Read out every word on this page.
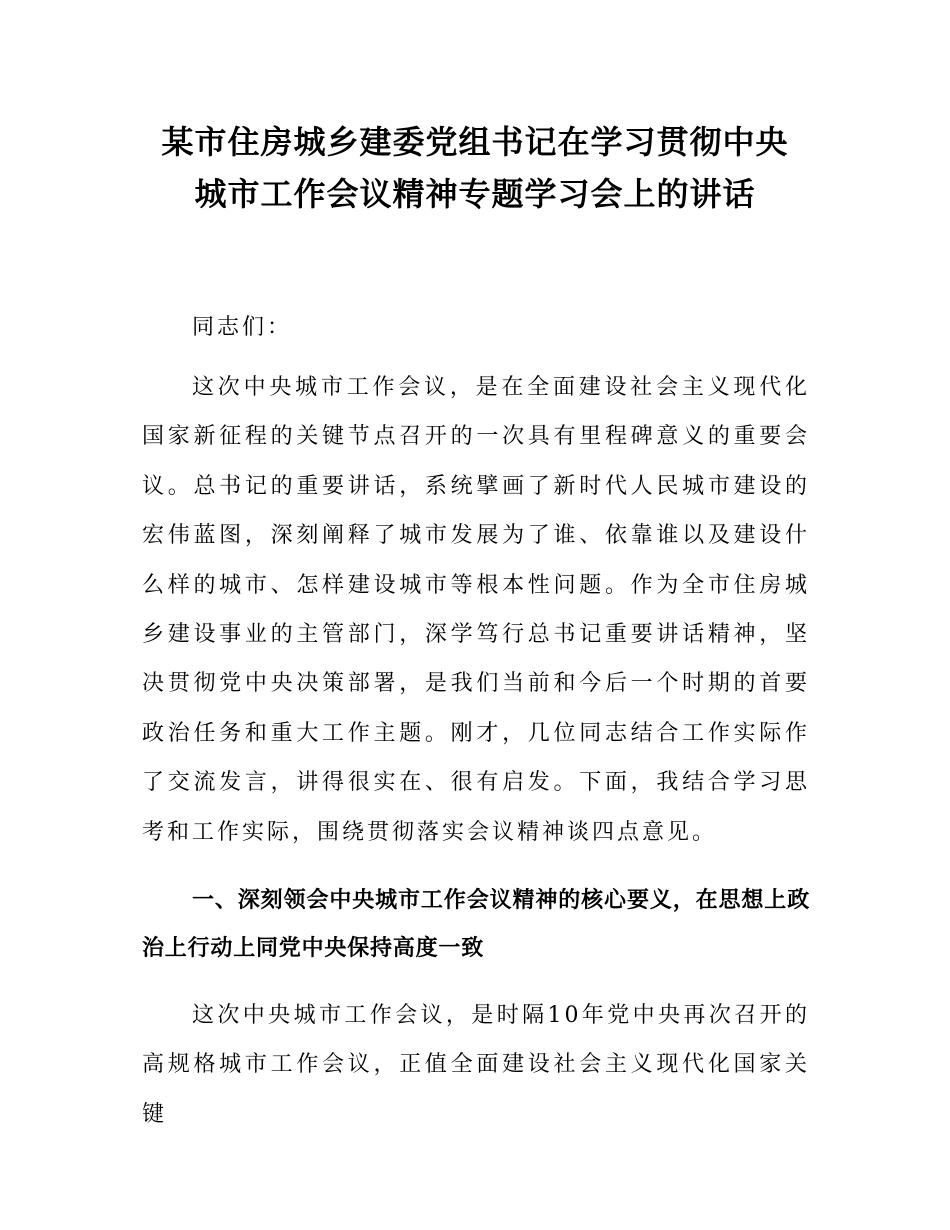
某市住房城乡建委党组书记在学习贯彻中央
城市工作会议精神专题学习会上的讲话

同志们：

这次中央城市工作会议，是在全面建设社会主义现代化国家新征程的关键节点召开的一次具有里程碑意义的重要会议。总书记的重要讲话，系统擘画了新时代人民城市建设的宏伟蓝图，深刻阐释了城市发展为了谁、依靠谁以及建设什么样的城市、怎样建设城市等根本性问题。作为全市住房城乡建设事业的主管部门，深学笃行总书记重要讲话精神，坚决贯彻党中央决策部署，是我们当前和今后一个时期的首要政治任务和重大工作主题。刚才，几位同志结合工作实际作了交流发言，讲得很实在、很有启发。下面，我结合学习思考和工作实际，围绕贯彻落实会议精神谈四点意见。

一、深刻领会中央城市工作会议精神的核心要义，在思想上政治上行动上同党中央保持高度一致

这次中央城市工作会议，是时隔10年党中央再次召开的高规格城市工作会议，正值全面建设社会主义现代化国家关键
